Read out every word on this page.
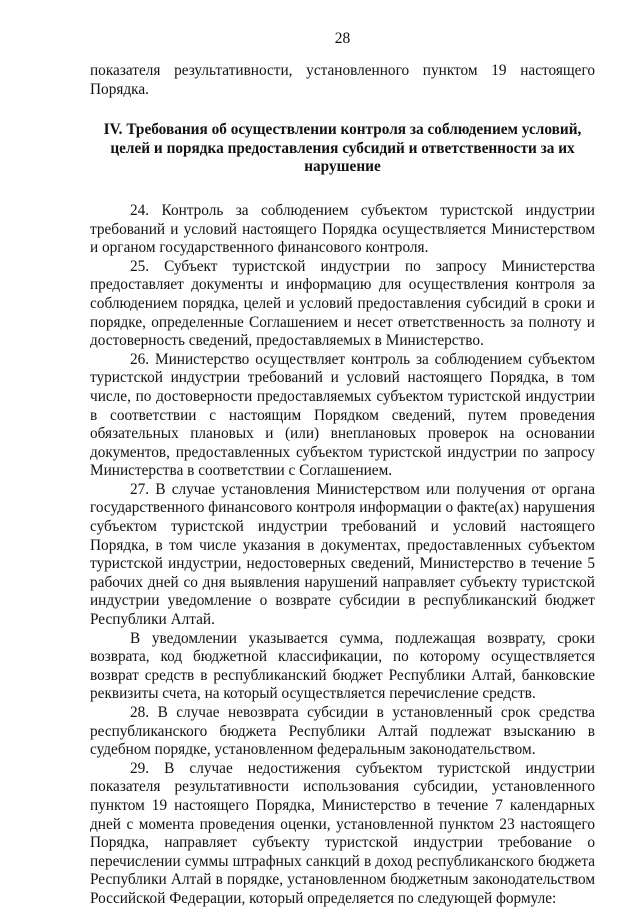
28

показателя результативности, установленного пунктом 19 настоящего Порядка.

IV. Требования об осуществлении контроля за соблюдением условий, целей и порядка предоставления субсидий и ответственности за их нарушение

24. Контроль за соблюдением субъектом туристской индустрии требований и условий настоящего Порядка осуществляется Министерством и органом государственного финансового контроля.

25. Субъект туристской индустрии по запросу Министерства предоставляет документы и информацию для осуществления контроля за соблюдением порядка, целей и условий предоставления субсидий в сроки и порядке, определенные Соглашением и несет ответственность за полноту и достоверность сведений, предоставляемых в Министерство.

26. Министерство осуществляет контроль за соблюдением субъектом туристской индустрии требований и условий настоящего Порядка, в том числе, по достоверности предоставляемых субъектом туристской индустрии в соответствии с настоящим Порядком сведений, путем проведения обязательных плановых и (или) внеплановых проверок на основании документов, предоставленных субъектом туристской индустрии по запросу Министерства в соответствии с Соглашением.

27. В случае установления Министерством или получения от органа государственного финансового контроля информации о факте(ах) нарушения субъектом туристской индустрии требований и условий настоящего Порядка, в том числе указания в документах, предоставленных субъектом туристской индустрии, недостоверных сведений, Министерство в течение 5 рабочих дней со дня выявления нарушений направляет субъекту туристской индустрии уведомление о возврате субсидии в республиканский бюджет Республики Алтай.

В уведомлении указывается сумма, подлежащая возврату, сроки возврата, код бюджетной классификации, по которому осуществляется возврат средств в республиканский бюджет Республики Алтай, банковские реквизиты счета, на который осуществляется перечисление средств.

28. В случае невозврата субсидии в установленный срок средства республиканского бюджета Республики Алтай подлежат взысканию в судебном порядке, установленном федеральным законодательством.

29. В случае недостижения субъектом туристской индустрии показателя результативности использования субсидии, установленного пунктом 19 настоящего Порядка, Министерство в течение 7 календарных дней с момента проведения оценки, установленной пунктом 23 настоящего Порядка, направляет субъекту туристской индустрии требование о перечислении суммы штрафных санкций в доход республиканского бюджета Республики Алтай в порядке, установленном бюджетным законодательством Российской Федерации, который определяется по следующей формуле:
